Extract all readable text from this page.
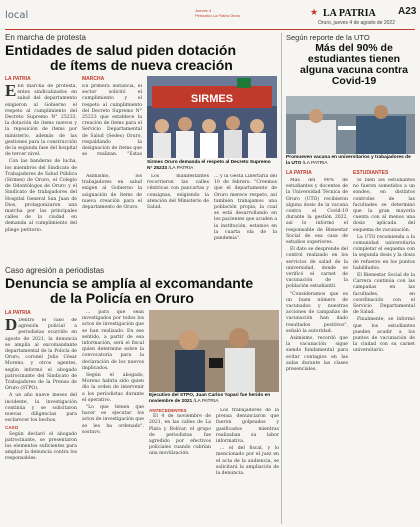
local	Jueves 4
Periódico La Patria Oruro	★ LA PATRIA A23
Oruro, jueves 4 de agosto de 2022
En marcha de protesta
Entidades de salud piden dotación
de ítems de nueva creación
LA PATRIA

E En marcha de protesta, entes sindicalizados en salud del departamento exigieron al Gobierno el respeto al cumplimiento del Decreto Supremo N° 25233, la dotación de ítems nuevos y la reposición de ítems por ministerio, además de las gestiones para la construcción de la segunda fase del hospital de tercer nivel.

Con las banderas de lucha, los miembros del Sindicato de Trabajadores de Salud Pública (Sirmes) de Oruro, el Colegio de Odontólogos de Oruro y el Sindicato de trabajadores del Hospital General San Juan de Dios, protagonizaron una marcha por las principales calles de la ciudad en demanda al cumplimiento del pliego petitorio.

MARCHA
En primera instancia, el sector solicitó el cumplimiento y el respeto al cumplimiento del Decreto Supremo N° 25233 que establece la creación de ítems para el Servicio Departamental de Salud (Sedes) Oruro, respaldando la designación de ítems que se realizan. "Estas
SIRMES
Sirmes Oruro demanda el respeto al Decreto Supremo N° 25233 /LA PATRIA

Asimismo, los trabajadores en salud exigen al Gobierno la asignación de ítems de nueva creación para el departamento de Oruro.

Los manifestantes recorrieron las calles céntricas con pancartas y consignas, exigiendo la atención del Ministerio de Salud.

... y la Gesta Libertaria del 10 de febrero. "Creemos que el departamento de Oruro merece respeto, así también trabajamos una población propia, la cual se está desarrollando en los pacientes que acuden a la institución, estamos en la cuarta ola de la pandemia".
Según reporte de la UTO
Más del 90% de
estudiantes tienen
alguna vacuna contra
Covid-19
Promueven vacuna en universitarios y trabajadores de la UTO /LA PATRIA
LA PATRIA

Más del 90% de estudiantes y docentes de la Universidad Técnica de Oruro (UTO) recibieron alguna dosis de la vacuna contra el Covid-19 durante la gestión 2022, así lo informó el responsable de Bienestar Social de esa casa de estudios superiores.

El dato se desprende del control realizado en los servicios de salud de la universidad, donde se verificó el carnet de vacunación de la población estudiantil.

"Consideramos que es un buen número de vacunados y nuestras acciones de campañas de vacunación han dado resultados positivos", señaló la autoridad.

Asimismo, recordó que la vacunación sigue siendo fundamental para evitar contagios en las aulas durante las clases presenciales.

ESTUDIANTES

Si bien los estudiantes no fueron sometidos a un sondeo, en distintos controles de las facultades se determinó que la gran mayoría cuenta con al menos una dosis aplicada del esquema de vacunación.

La UTO recomienda a la comunidad universitaria completar el esquema con la segunda dosis y la dosis de refuerzo en los puntos habilitados.

El Bienestar Social de la Carrera continúa con las campañas en las facultades, en coordinación con el Servicio Departamental de Salud.

Finalmente, se informó que los estudiantes pueden acudir a los puntos de vacunación de la ciudad con su carnet universitario.

Caso agresión a periodistas
Denuncia se amplía al excomandante
de la Policía en Oruro
LA PATRIA

D Dentro el caso de agresión policial a periodistas ocurrido en agosto de 2021, la denuncia se amplía al excomandante departamental de la Policía de Oruro, coronel Julio César Moreno, y otros agentes, según informó el abogado patrocinante del Sindicato de Trabajadores de la Prensa de Oruro (STPO).

A un año nueve meses del incidente, la investigación continúa y se solicitaron nuevas diligencias para esclarecer los hechos.

CASO

Según declaró el abogado patrocinante, se presentaron los elementos suficientes para ampliar la denuncia contra los responsables.

... para que sean investigados por todos los actos de investigación que se han realizado. En ese sentido, a partir de esa información, será el fiscal quien determine sobre la convocatoria para la declaración de los nuevos implicados.

Según el abogado, Moreno habría sido quien dio la orden de intervenir a los periodistas durante el operativo.

"Lo que tienen que hacer es ejecutar los actos de investigación que se les ha ordenado", sostuvo.

Ejecutivo del STPO, Juan Carlos Yapari fue herido en noviembre de 2021 /LA PATRIA
ANTECEDENTES

El 4 de noviembre de 2021, en las calles de La Plata y Bolívar, el grupo de periodistas fue agredido por efectivos policiales cuando cubrían una movilización.

Los trabajadores de la prensa denunciaron que fueron golpeados y gasificados mientras realizaban su labor informativa.

... el del fiscal, y lo mencionado por el juez en el acta de la audiencia, se solicitará la ampliación de la denuncia.
